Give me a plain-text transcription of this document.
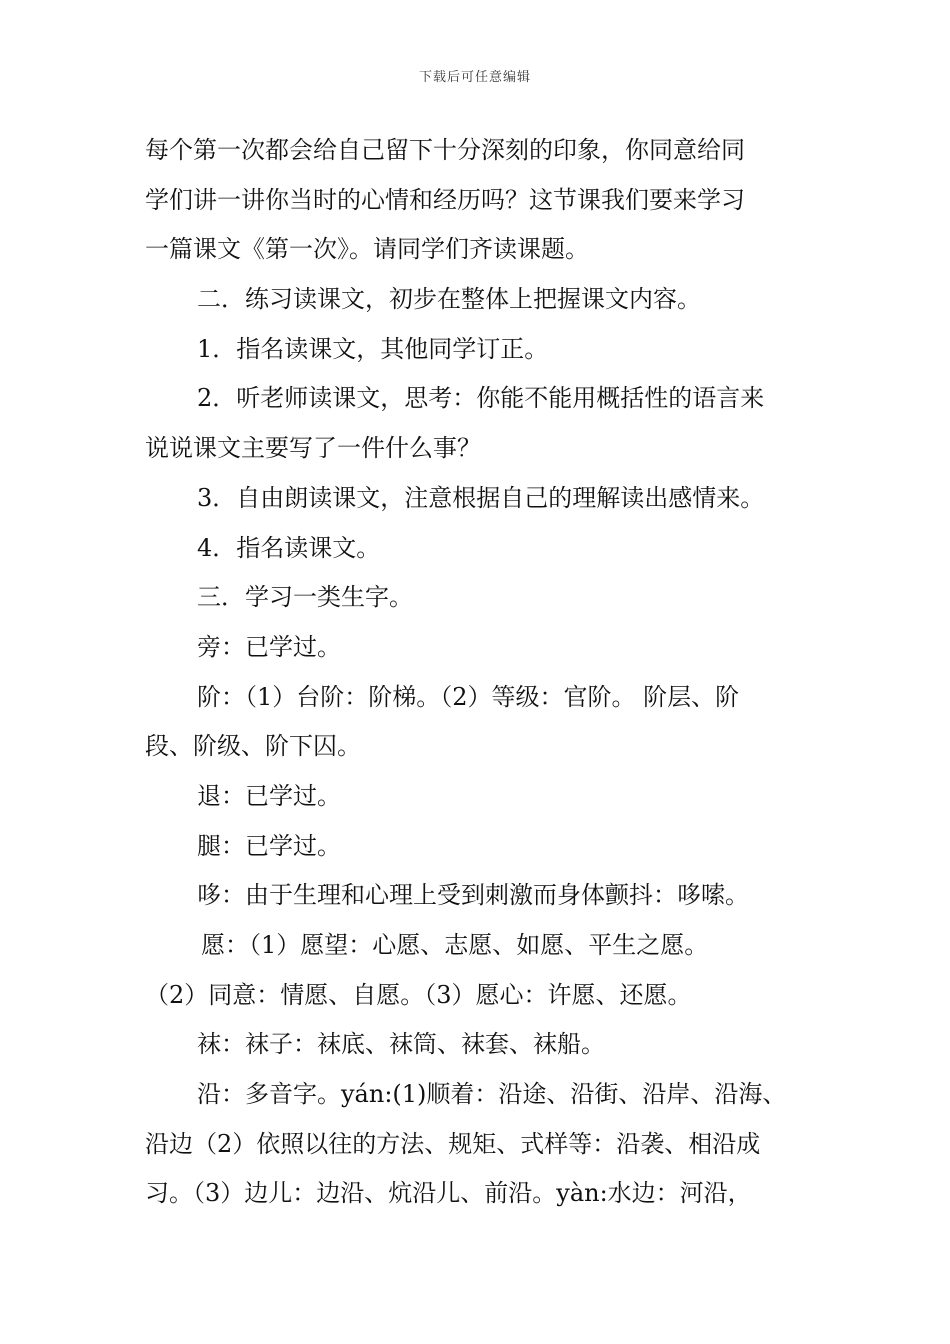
下载后可任意编辑
每个第一次都会给自己留下十分深刻的印象，你同意给同
学们讲一讲你当时的心情和经历吗？这节课我们要来学习
一篇课文《第一次》。请同学们齐读课题。
二．练习读课文，初步在整体上把握课文内容。
1．指名读课文，其他同学订正。
2．听老师读课文，思考：你能不能用概括性的语言来
说说课文主要写了一件什么事？
3．自由朗读课文，注意根据自己的理解读出感情来。
4．指名读课文。
三．学习一类生字。
旁：已学过。
阶：（1）台阶：阶梯。（2）等级：官阶。 阶层、阶
段、阶级、阶下囚。
退：已学过。
腿：已学过。
哆：由于生理和心理上受到刺激而身体颤抖：哆嗦。
愿：（1）愿望：心愿、志愿、如愿、平生之愿。
（2）同意：情愿、自愿。（3）愿心：许愿、还愿。
袜：袜子：袜底、袜筒、袜套、袜船。
沿：多音字。yán:(1)顺着：沿途、沿街、沿岸、沿海、
沿边（2）依照以往的方法、规矩、式样等：沿袭、相沿成
习。（3）边儿：边沿、炕沿儿、前沿。yàn:水边：河沿，
